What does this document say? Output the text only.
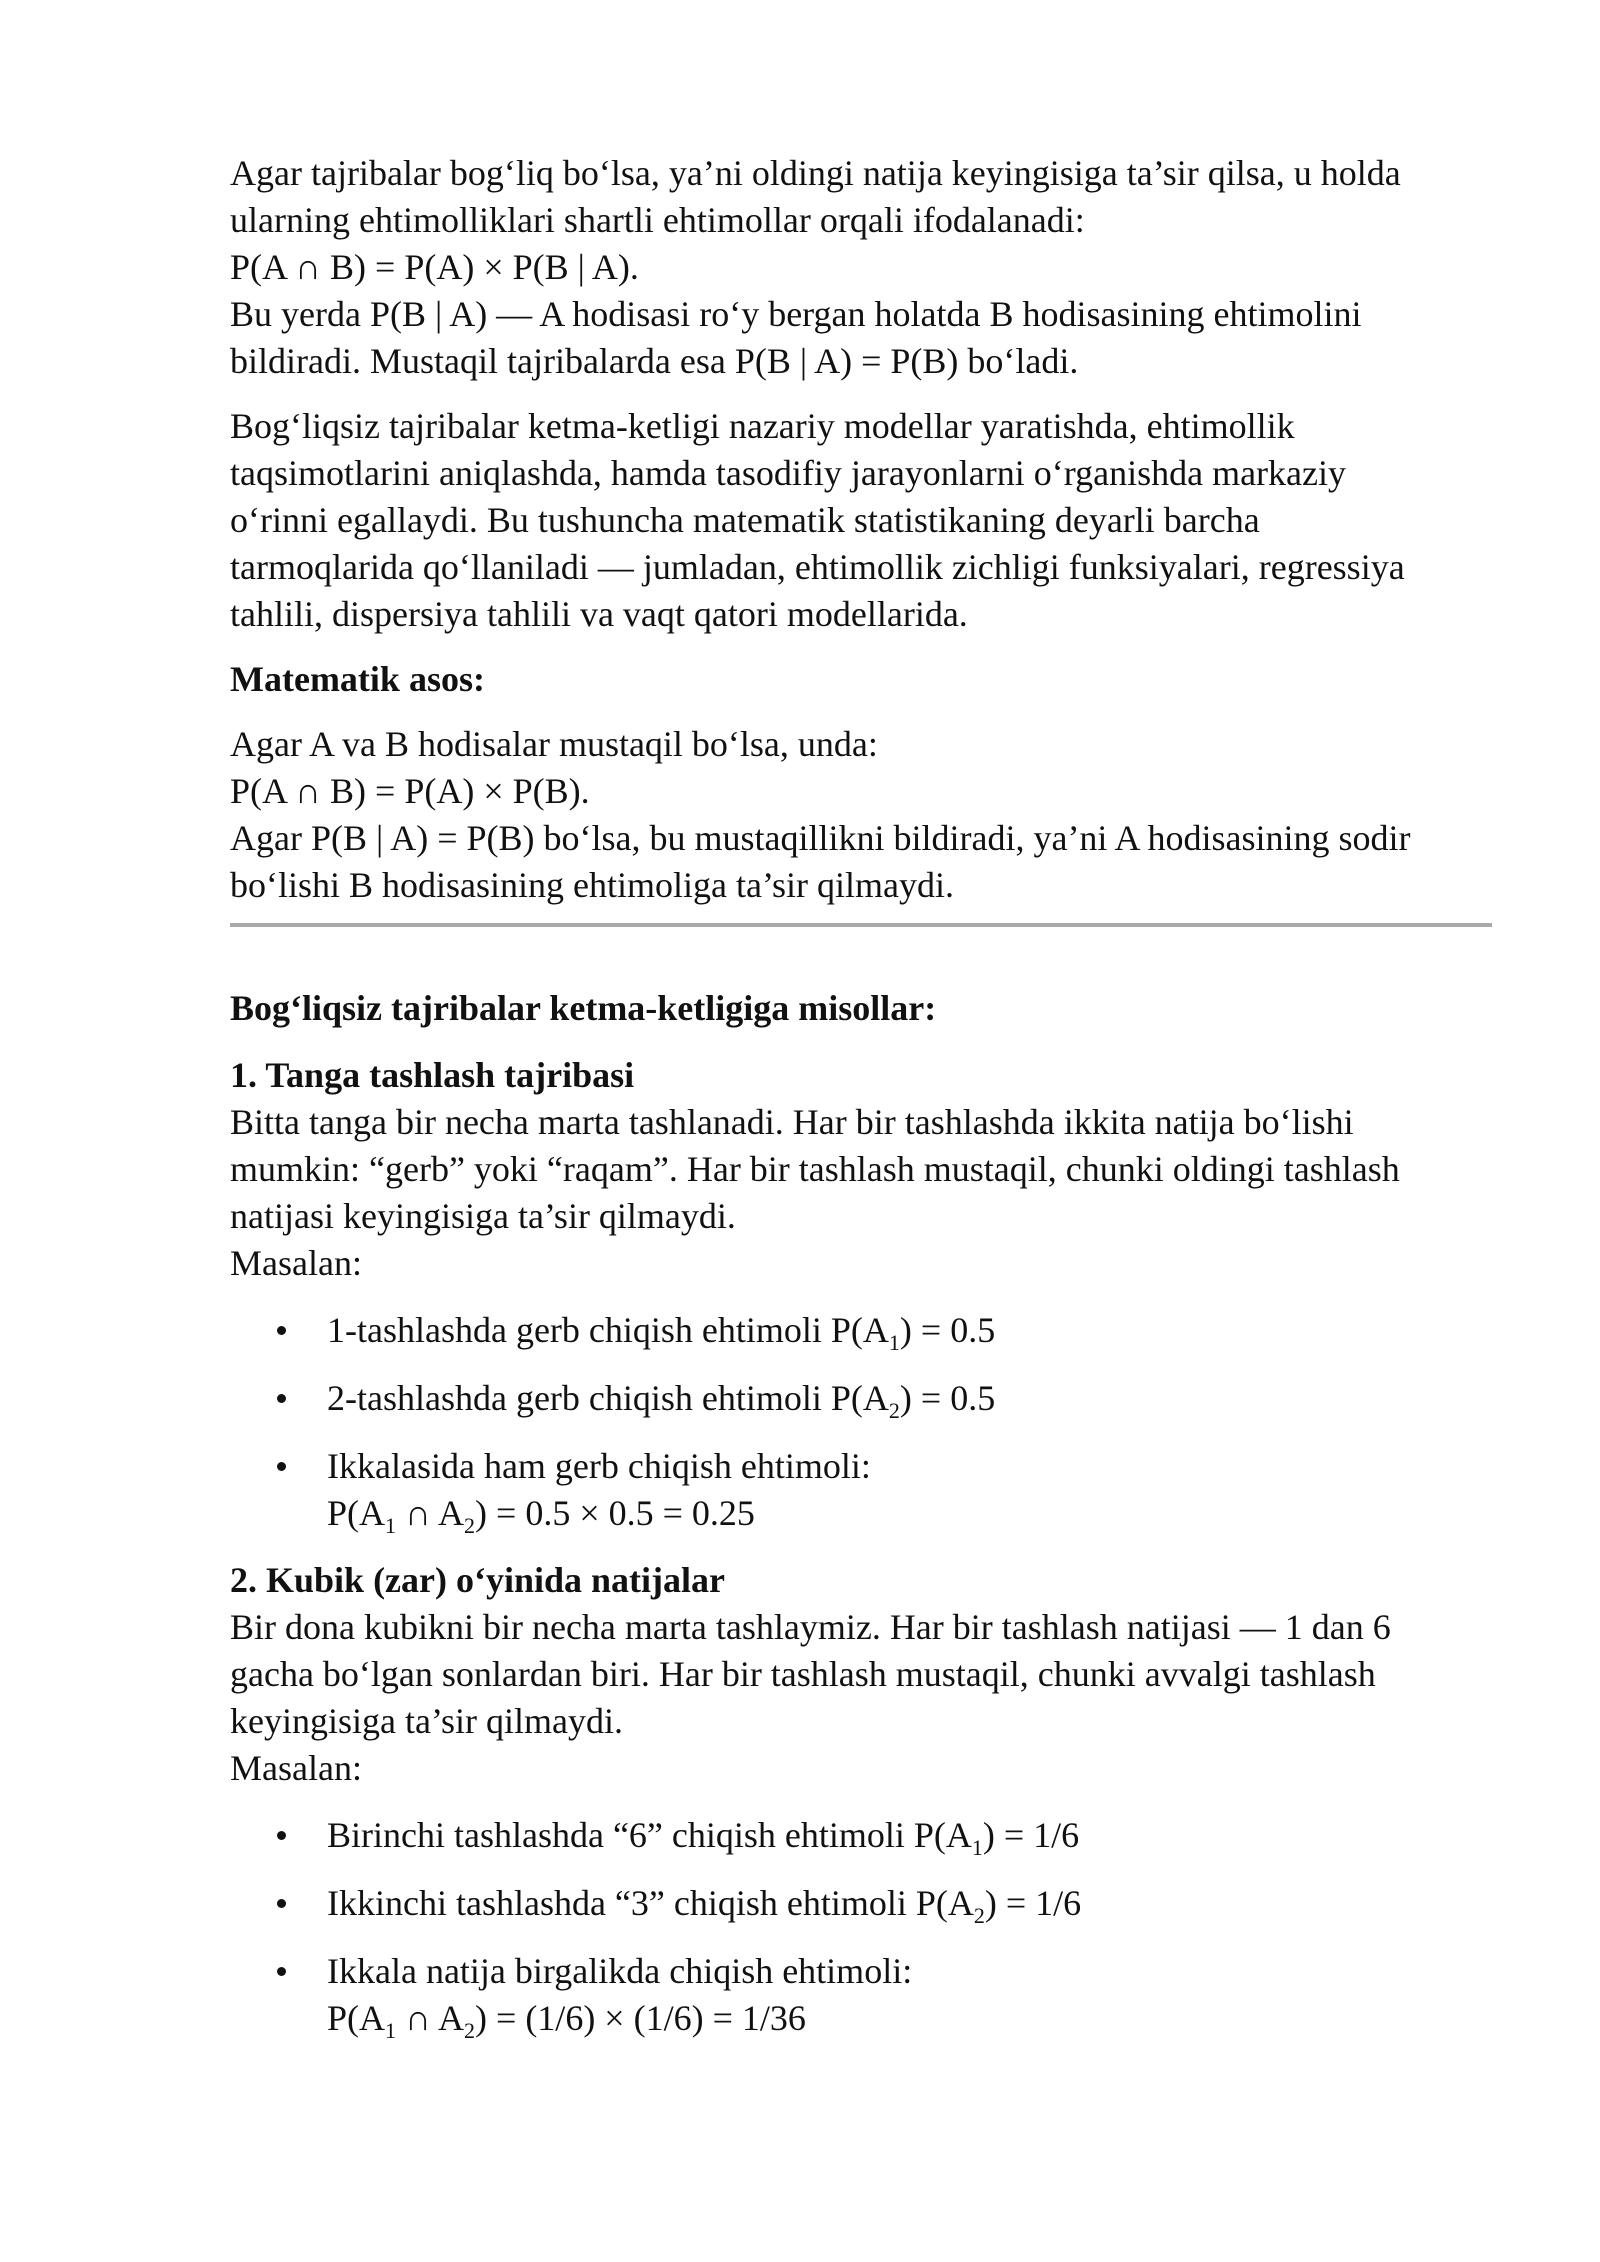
Agar tajribalar bog‘liq bo‘lsa, ya’ni oldingi natija keyingisiga ta’sir qilsa, u holda
ularning ehtimolliklari shartli ehtimollar orqali ifodalanadi:
P(A ∩ B) = P(A) × P(B | A).
Bu yerda P(B | A) — A hodisasi ro‘y bergan holatda B hodisasining ehtimolini
bildiradi. Mustaqil tajribalarda esa P(B | A) = P(B) bo‘ladi.
Bog‘liqsiz tajribalar ketma-ketligi nazariy modellar yaratishda, ehtimollik
taqsimotlarini aniqlashda, hamda tasodifiy jarayonlarni o‘rganishda markaziy
o‘rinni egallaydi. Bu tushuncha matematik statistikaning deyarli barcha
tarmoqlarida qo‘llaniladi — jumladan, ehtimollik zichligi funksiyalari, regressiya
tahlili, dispersiya tahlili va vaqt qatori modellarida.
Matematik asos:
Agar A va B hodisalar mustaqil bo‘lsa, unda:
P(A ∩ B) = P(A) × P(B).
Agar P(B | A) = P(B) bo‘lsa, bu mustaqillikni bildiradi, ya’ni A hodisasining sodir
bo‘lishi B hodisasining ehtimoliga ta’sir qilmaydi.
Bog‘liqsiz tajribalar ketma-ketligiga misollar:
1. Tanga tashlash tajribasi
Bitta tanga bir necha marta tashlanadi. Har bir tashlashda ikkita natija bo‘lishi
mumkin: “gerb” yoki “raqam”. Har bir tashlash mustaqil, chunki oldingi tashlash
natijasi keyingisiga ta’sir qilmaydi.
Masalan:
1-tashlashda gerb chiqish ehtimoli $P(A_1) = 0.5$
2-tashlashda gerb chiqish ehtimoli $P(A_2) = 0.5$
Ikkalasida ham gerb chiqish ehtimoli:
$P(A_1$ ∩ $A_2) = 0.5 \times 0.5 = 0.25$
2. Kubik (zar) o‘yinida natijalar
Bir dona kubikni bir necha marta tashlaymiz. Har bir tashlash natijasi — 1 dan 6
gacha bo‘lgan sonlardan biri. Har bir tashlash mustaqil, chunki avvalgi tashlash
keyingisiga ta’sir qilmaydi.
Masalan:
Birinchi tashlashda “6” chiqish ehtimoli $P(A_1) = 1/6$
Ikkinchi tashlashda “3” chiqish ehtimoli $P(A_2) = 1/6$
Ikkala natija birgalikda chiqish ehtimoli:
$P(A_1$ ∩ $A_2) = (1/6) \times (1/6) = 1/36$
